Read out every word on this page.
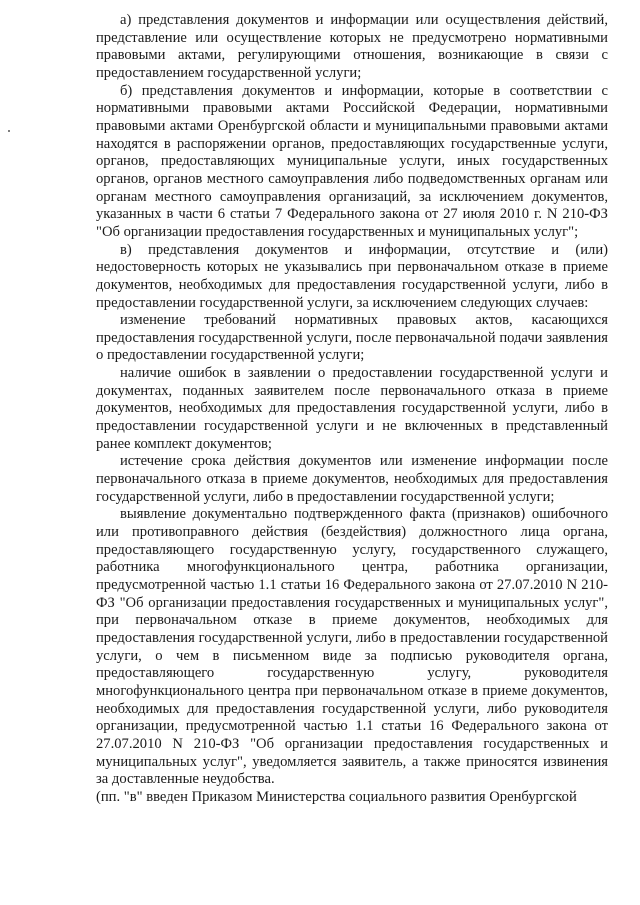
а) представления документов и информации или осуществления действий, представление или осуществление которых не предусмотрено нормативными правовыми актами, регулирующими отношения, возникающие в связи с предоставлением государственной услуги;

б) представления документов и информации, которые в соответствии с нормативными правовыми актами Российской Федерации, нормативными правовыми актами Оренбургской области и муниципальными правовыми актами находятся в распоряжении органов, предоставляющих государственные услуги, органов, предоставляющих муниципальные услуги, иных государственных органов, органов местного самоуправления либо подведомственных органам или органам местного самоуправления организаций, за исключением документов, указанных в части 6 статьи 7 Федерального закона от 27 июля 2010 г. N 210-ФЗ "Об организации предоставления государственных и муниципальных услуг";

в) представления документов и информации, отсутствие и (или) недостоверность которых не указывались при первоначальном отказе в приеме документов, необходимых для предоставления государственной услуги, либо в предоставлении государственной услуги, за исключением следующих случаев:

изменение требований нормативных правовых актов, касающихся предоставления государственной услуги, после первоначальной подачи заявления о предоставлении государственной услуги;

наличие ошибок в заявлении о предоставлении государственной услуги и документах, поданных заявителем после первоначального отказа в приеме документов, необходимых для предоставления государственной услуги, либо в предоставлении государственной услуги и не включенных в представленный ранее комплект документов;

истечение срока действия документов или изменение информации после первоначального отказа в приеме документов, необходимых для предоставления государственной услуги, либо в предоставлении государственной услуги;

выявление документально подтвержденного факта (признаков) ошибочного или противоправного действия (бездействия) должностного лица органа, предоставляющего государственную услугу, государственного служащего, работника многофункционального центра, работника организации, предусмотренной частью 1.1 статьи 16 Федерального закона от 27.07.2010 N 210-ФЗ "Об организации предоставления государственных и муниципальных услуг", при первоначальном отказе в приеме документов, необходимых для предоставления государственной услуги, либо в предоставлении государственной услуги, о чем в письменном виде за подписью руководителя органа, предоставляющего государственную услугу, руководителя многофункционального центра при первоначальном отказе в приеме документов, необходимых для предоставления государственной услуги, либо руководителя организации, предусмотренной частью 1.1 статьи 16 Федерального закона от 27.07.2010 N 210-ФЗ "Об организации предоставления государственных и муниципальных услуг", уведомляется заявитель, а также приносятся извинения за доставленные неудобства.

(пп. "в" введен Приказом Министерства социального развития Оренбургской
